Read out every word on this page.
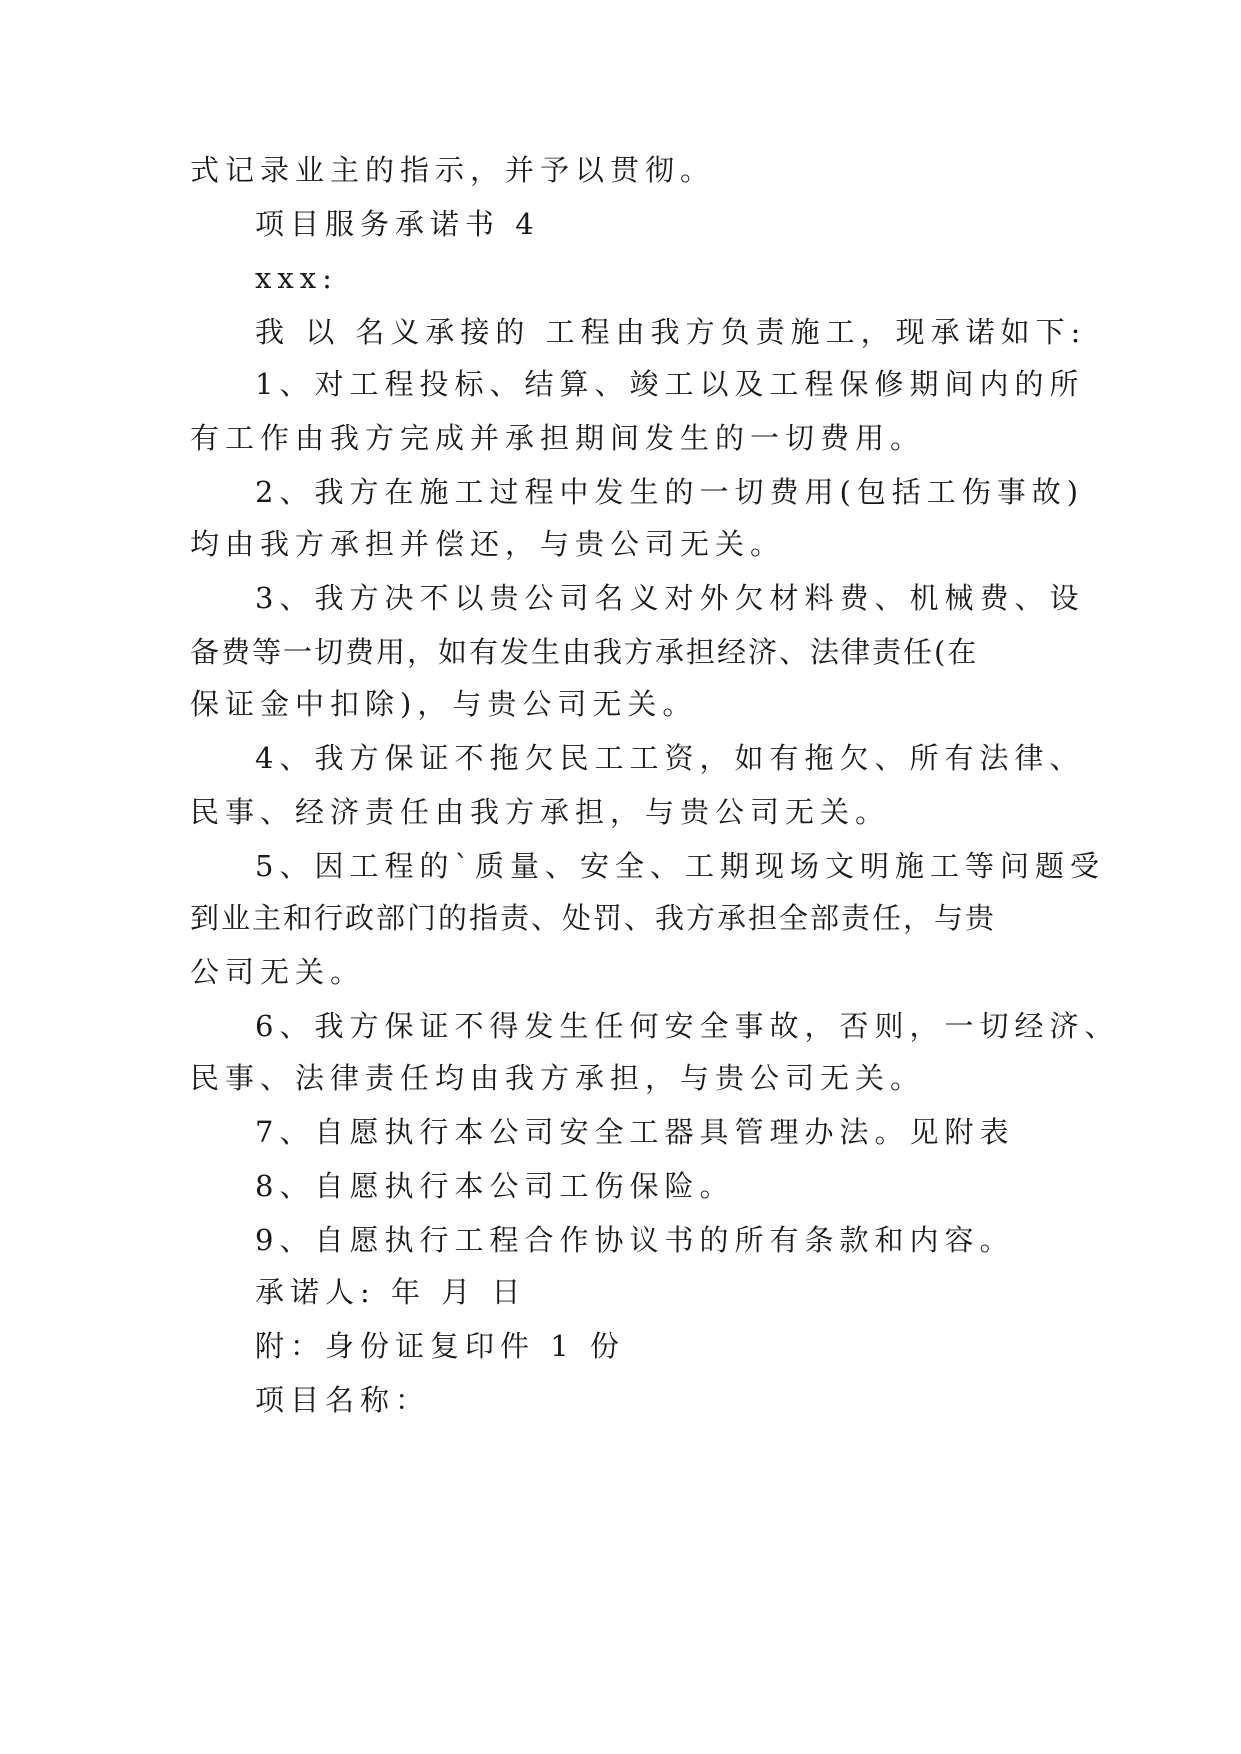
式记录业主的指示，并予以贯彻。
项目服务承诺书 4
xxx:
我 以 名义承接的 工程由我方负责施工，现承诺如下:
1、对工程投标、结算、竣工以及工程保修期间内的所
有工作由我方完成并承担期间发生的一切费用。
2、我方在施工过程中发生的一切费用(包括工伤事故)
均由我方承担并偿还，与贵公司无关。
3、我方决不以贵公司名义对外欠材料费、机械费、设
备费等一切费用，如有发生由我方承担经济、法律责任(在
保证金中扣除)，与贵公司无关。
4、我方保证不拖欠民工工资，如有拖欠、所有法律、
民事、经济责任由我方承担，与贵公司无关。
5、因工程的`质量、安全、工期现场文明施工等问题受
到业主和行政部门的指责、处罚、我方承担全部责任，与贵
公司无关。
6、我方保证不得发生任何安全事故，否则，一切经济、
民事、法律责任均由我方承担，与贵公司无关。
7、自愿执行本公司安全工器具管理办法。见附表
8、自愿执行本公司工伤保险。
9、自愿执行工程合作协议书的所有条款和内容。
承诺人: 年 月 日
附：身份证复印件 1 份
项目名称：
